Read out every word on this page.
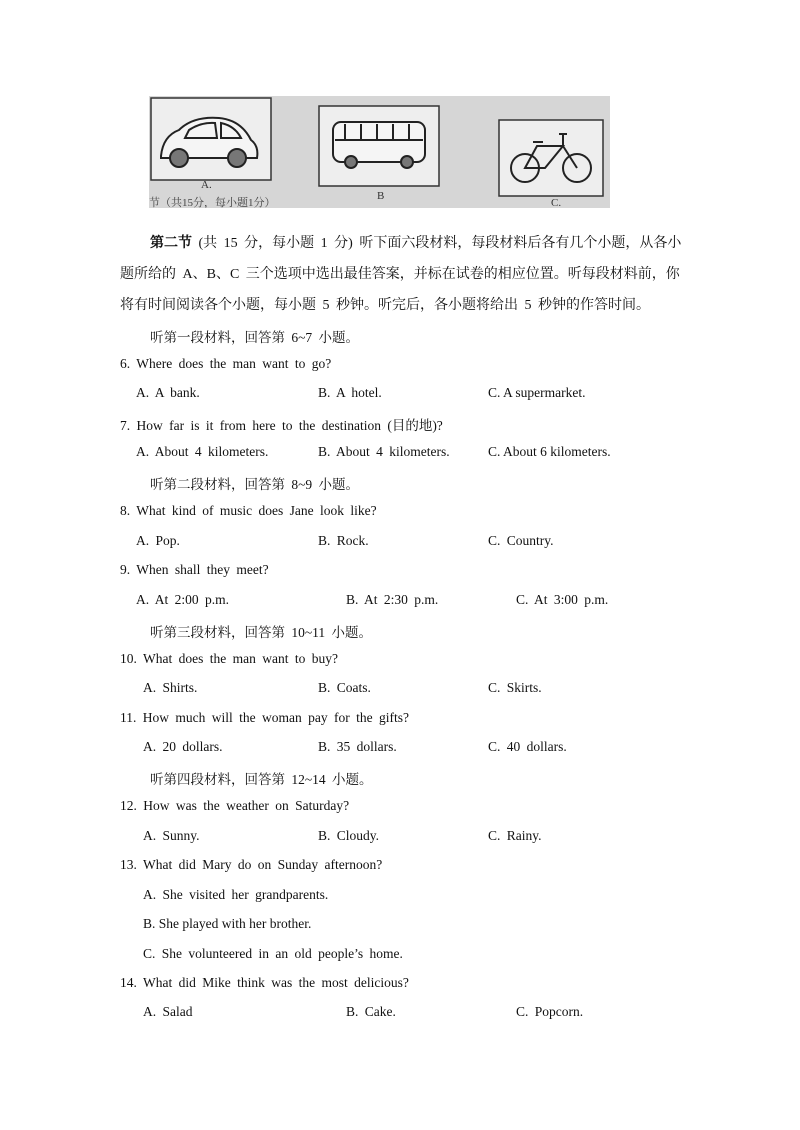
A.
B
C.
节（共15分，每小题1分）
第二节 (共 15 分，每小题 1 分) 听下面六段材料，每段材料后各有几个小题，从各小
题所给的 A、B、C 三个选项中选出最佳答案，并标在试卷的相应位置。听每段材料前，你
将有时间阅读各个小题，每小题 5 秒钟。听完后，各小题将给出 5 秒钟的作答时间。
听第一段材料，回答第 6~7 小题。
6. Where does the man want to go?
A. A bank.	B. A hotel.	C. A supermarket.
7. How far is it from here to the destination (目的地)?
A. About 4 kilometers.	B. About 4 kilometers.	C. About 6 kilometers.
听第二段材料，回答第 8~9 小题。
8. What kind of music does Jane look like?
A. Pop.	B. Rock.	C. Country.
9. When shall they meet?
A. At 2:00 p.m.	B. At 2:30 p.m.	C. At 3:00 p.m.
听第三段材料，回答第 10~11 小题。
10. What does the man want to buy?
A. Shirts.	B. Coats.	C. Skirts.
11. How much will the woman pay for the gifts?
A. 20 dollars.	B. 35 dollars.	C. 40 dollars.
听第四段材料，回答第 12~14 小题。
12. How was the weather on Saturday?
A. Sunny.	B. Cloudy.	C. Rainy.
13. What did Mary do on Sunday afternoon?
A. She visited her grandparents.
B. She played with her brother.
C. She volunteered in an old people’s home.
14. What did Mike think was the most delicious?
A. Salad	B. Cake.	C. Popcorn.
